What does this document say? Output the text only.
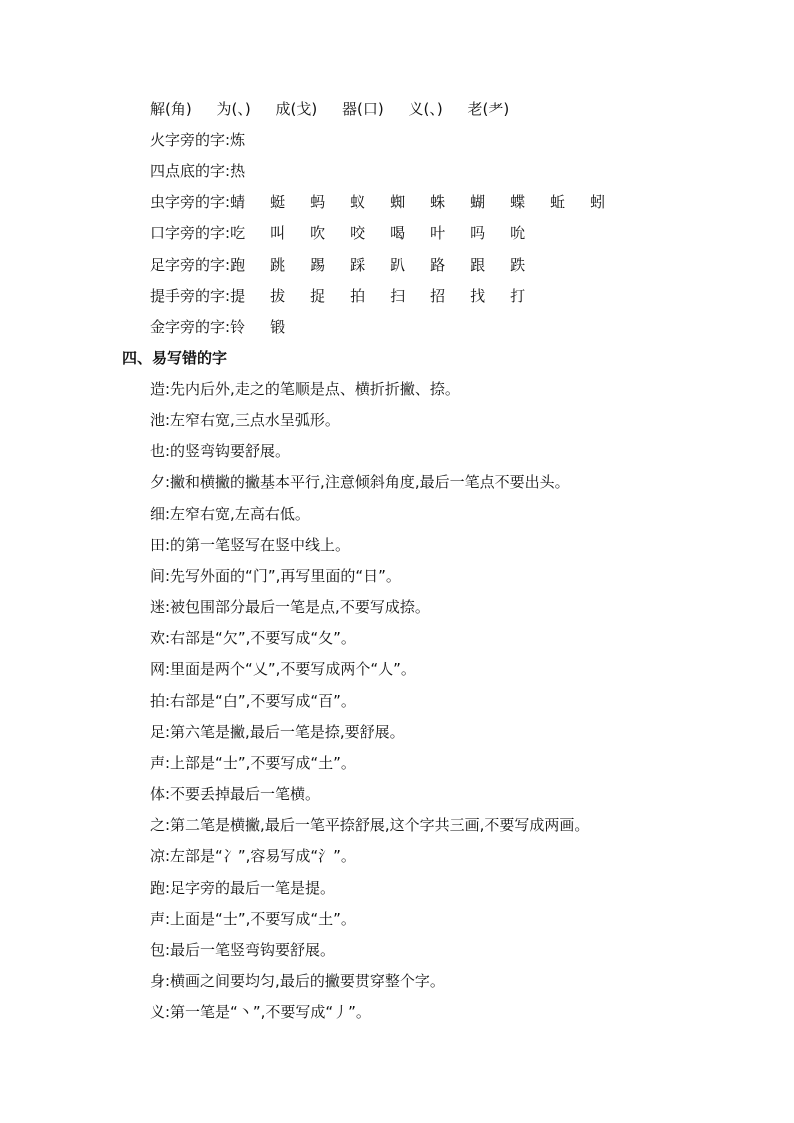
解(角) 为(、) 成(戈) 器(口) 义(、) 老(耂)
火字旁的字:炼
四点底的字:热
虫字旁的字:蜻 蜓 蚂 蚁 蜘 蛛 蝴 蝶 蚯 蚓
口字旁的字:吃 叫 吹 咬 喝 叶 吗 吮
足字旁的字:跑 跳 踢 踩 趴 路 跟 跌
提手旁的字:提 拔 捉 拍 扫 招 找 打
金字旁的字:铃 锻
四、易写错的字
造:先内后外,走之的笔顺是点、横折折撇、捺。
池:左窄右宽,三点水呈弧形。
也:的竖弯钩要舒展。
夕:撇和横撇的撇基本平行,注意倾斜角度,最后一笔点不要出头。
细:左窄右宽,左高右低。
田:的第一笔竖写在竖中线上。
间:先写外面的“门”,再写里面的“日”。
迷:被包围部分最后一笔是点,不要写成捺。
欢:右部是“欠”,不要写成“夂”。
网:里面是两个“乂”,不要写成两个“人”。
拍:右部是“白”,不要写成“百”。
足:第六笔是撇,最后一笔是捺,要舒展。
声:上部是“士”,不要写成“土”。
体:不要丢掉最后一笔横。
之:第二笔是横撇,最后一笔平捺舒展,这个字共三画,不要写成两画。
凉:左部是“冫”,容易写成“氵”。
跑:足字旁的最后一笔是提。
声:上面是“士”,不要写成“土”。
包:最后一笔竖弯钩要舒展。
身:横画之间要均匀,最后的撇要贯穿整个字。
义:第一笔是“丶”,不要写成“丿”。
